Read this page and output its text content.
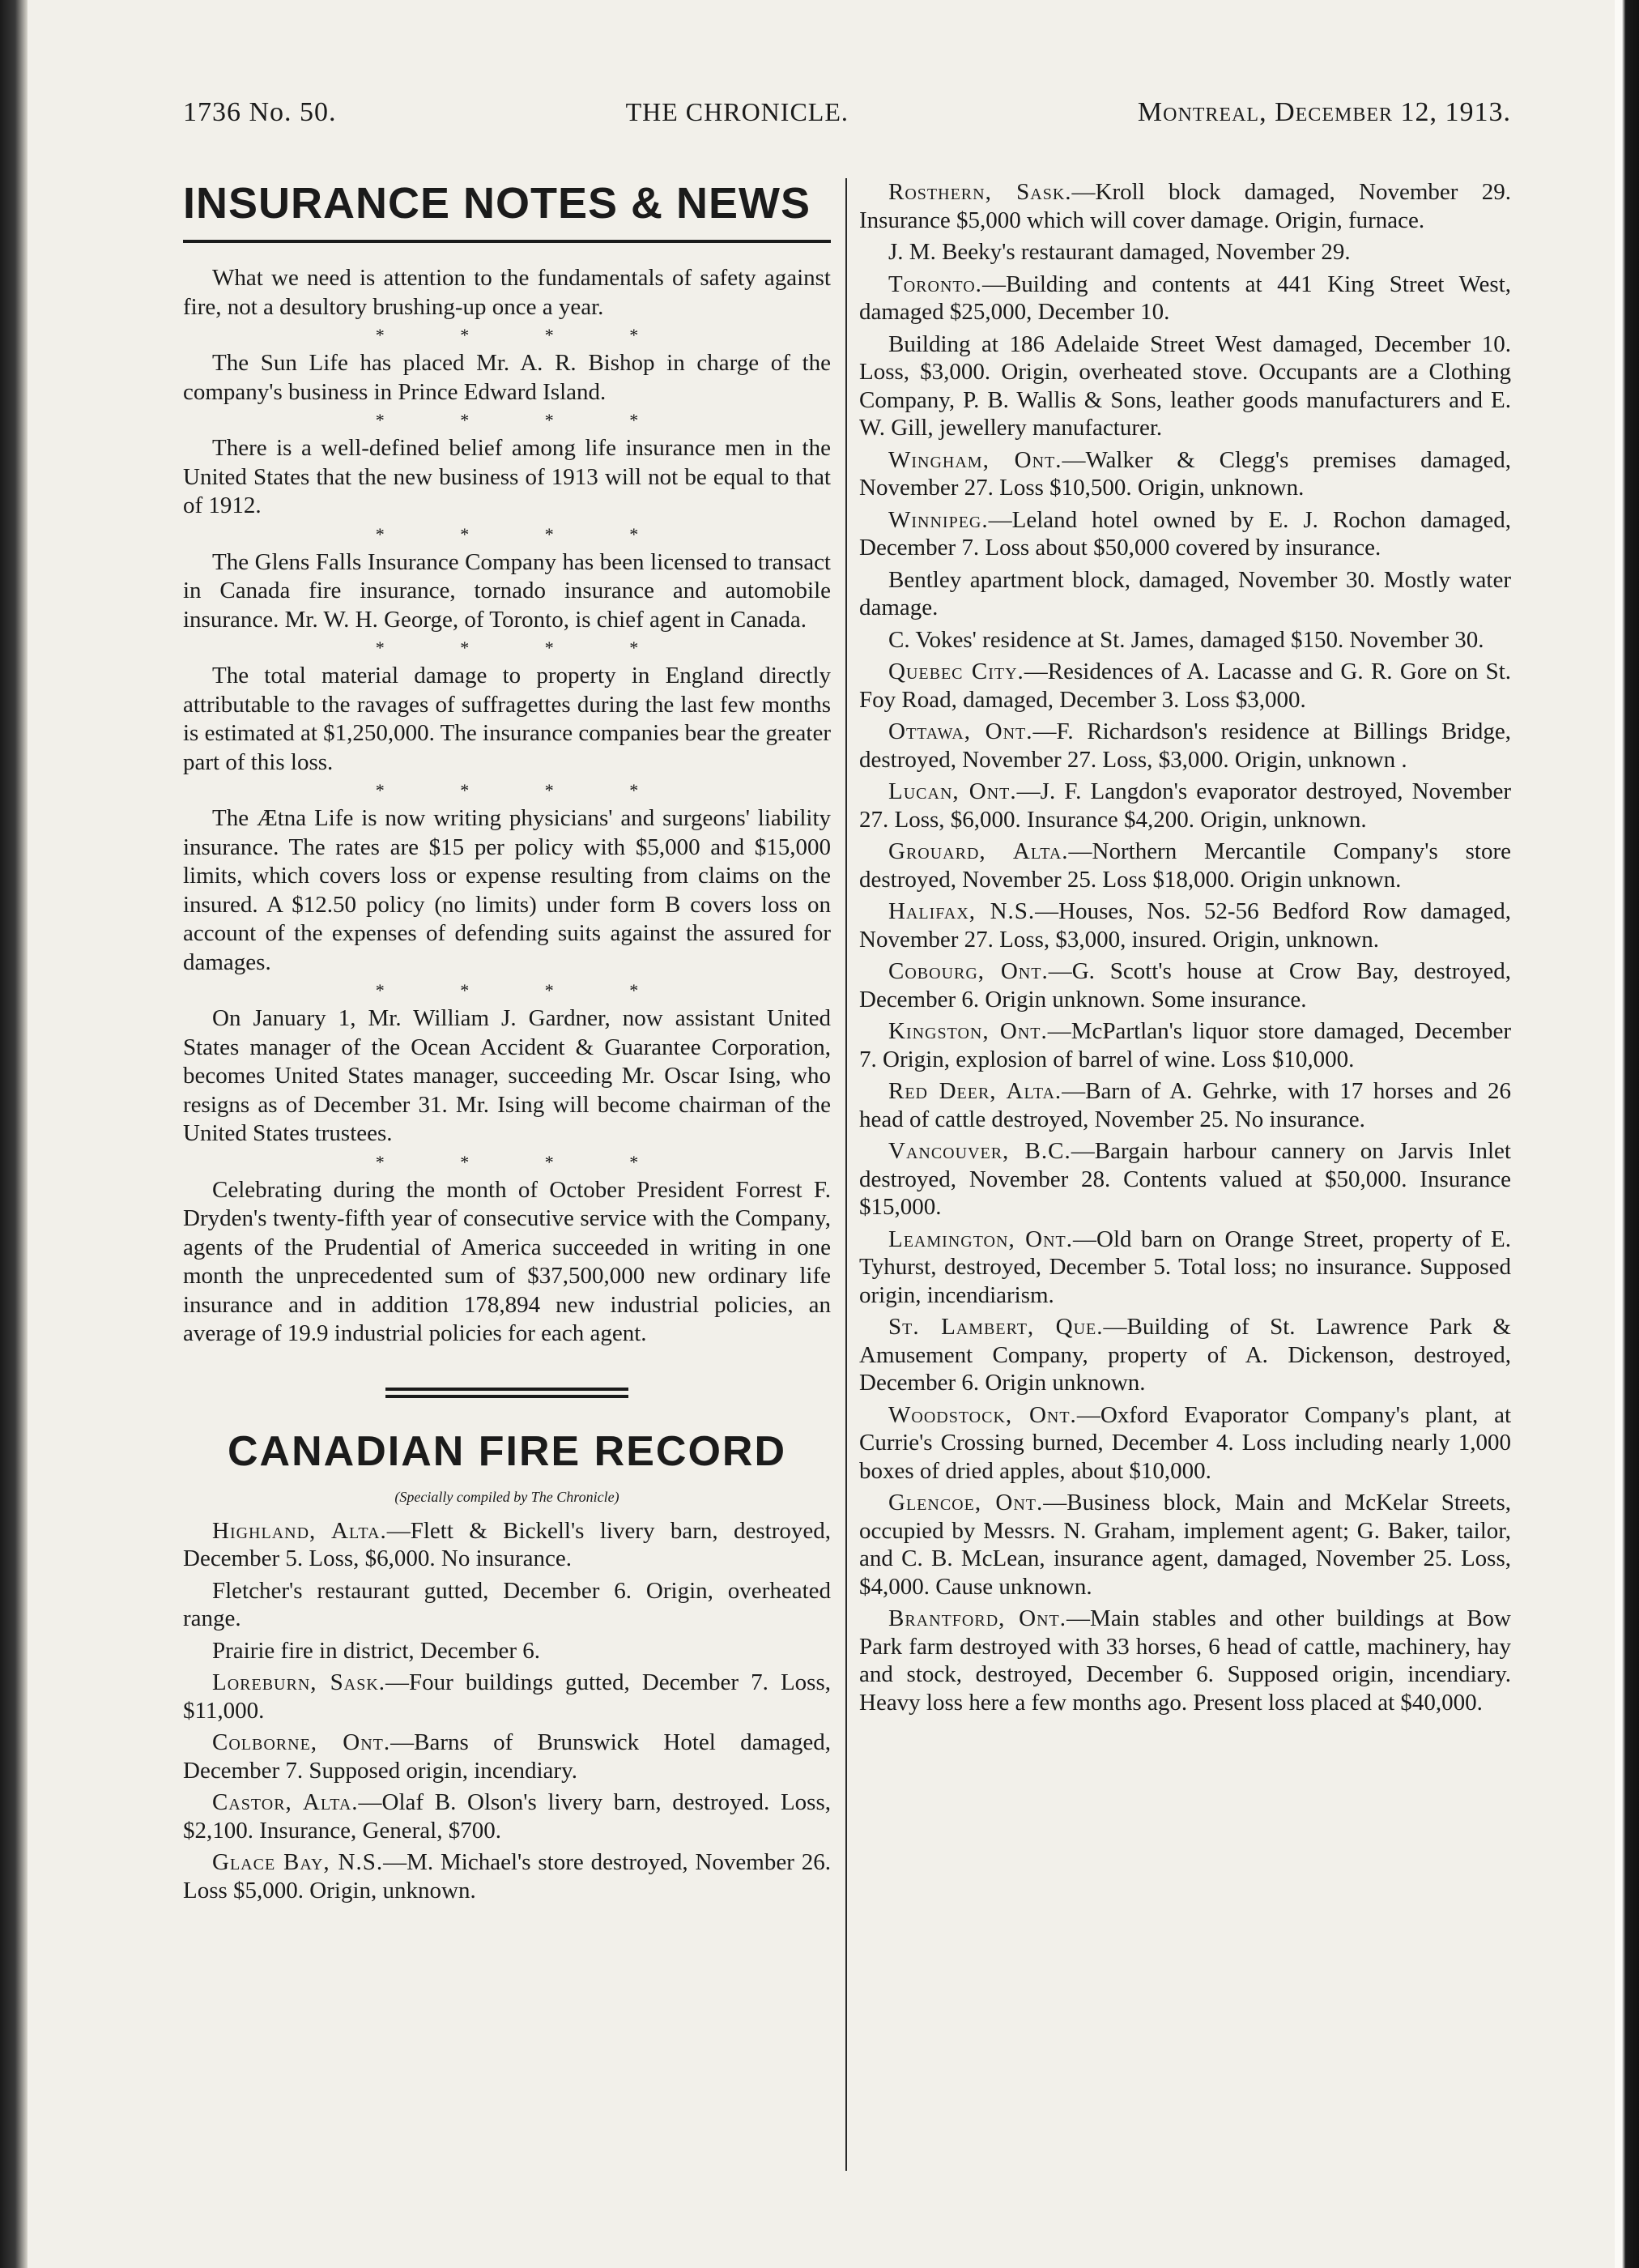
1736 No. 50.	THE CHRONICLE.	Montreal, December 12, 1913.
INSURANCE NOTES & NEWS

What we need is attention to the fundamentals of safety against fire, not a desultory brushing-up once a year.

* * * *

The Sun Life has placed Mr. A. R. Bishop in charge of the company's business in Prince Edward Island.

* * * *

There is a well-defined belief among life insurance men in the United States that the new business of 1913 will not be equal to that of 1912.

* * * *

The Glens Falls Insurance Company has been licensed to transact in Canada fire insurance, tornado insurance and automobile insurance. Mr. W. H. George, of Toronto, is chief agent in Canada.

* * * *

The total material damage to property in England directly attributable to the ravages of suffragettes during the last few months is estimated at $1,250,000. The insurance companies bear the greater part of this loss.

* * * *

The Ætna Life is now writing physicians' and surgeons' liability insurance. The rates are $15 per policy with $5,000 and $15,000 limits, which covers loss or expense resulting from claims on the insured. A $12.50 policy (no limits) under form B covers loss on account of the expenses of defending suits against the assured for damages.

* * * *

On January 1, Mr. William J. Gardner, now assistant United States manager of the Ocean Accident & Guarantee Corporation, becomes United States manager, succeeding Mr. Oscar Ising, who resigns as of December 31. Mr. Ising will become chairman of the United States trustees.

* * * *

Celebrating during the month of October President Forrest F. Dryden's twenty-fifth year of consecutive service with the Company, agents of the Prudential of America succeeded in writing in one month the unprecedented sum of $37,500,000 new ordinary life insurance and in addition 178,894 new industrial policies, an average of 19.9 industrial policies for each agent.

CANADIAN FIRE RECORD
(Specially compiled by The Chronicle)

Highland, Alta.—Flett & Bickell's livery barn, destroyed, December 5. Loss, $6,000. No insurance.

Fletcher's restaurant gutted, December 6. Origin, overheated range.

Prairie fire in district, December 6.

Loreburn, Sask.—Four buildings gutted, December 7. Loss, $11,000.

Colborne, Ont.—Barns of Brunswick Hotel damaged, December 7. Supposed origin, incendiary.

Castor, Alta.—Olaf B. Olson's livery barn, destroyed. Loss, $2,100. Insurance, General, $700.

Glace Bay, N.S.—M. Michael's store destroyed, November 26. Loss $5,000. Origin, unknown.

Rosthern, Sask.—Kroll block damaged, November 29. Insurance $5,000 which will cover damage. Origin, furnace.

J. M. Beeky's restaurant damaged, November 29.

Toronto.—Building and contents at 441 King Street West, damaged $25,000, December 10.

Building at 186 Adelaide Street West damaged, December 10. Loss, $3,000. Origin, overheated stove. Occupants are a Clothing Company, P. B. Wallis & Sons, leather goods manufacturers and E. W. Gill, jewellery manufacturer.

Wingham, Ont.—Walker & Clegg's premises damaged, November 27. Loss $10,500. Origin, unknown.

Winnipeg.—Leland hotel owned by E. J. Rochon damaged, December 7. Loss about $50,000 covered by insurance.

Bentley apartment block, damaged, November 30. Mostly water damage.

C. Vokes' residence at St. James, damaged $150. November 30.

Quebec City.—Residences of A. Lacasse and G. R. Gore on St. Foy Road, damaged, December 3. Loss $3,000.

Ottawa, Ont.—F. Richardson's residence at Billings Bridge, destroyed, November 27. Loss, $3,000. Origin, unknown .

Lucan, Ont.—J. F. Langdon's evaporator destroyed, November 27. Loss, $6,000. Insurance $4,200. Origin, unknown.

Grouard, Alta.—Northern Mercantile Company's store destroyed, November 25. Loss $18,000. Origin unknown.

Halifax, N.S.—Houses, Nos. 52-56 Bedford Row damaged, November 27. Loss, $3,000, insured. Origin, unknown.

Cobourg, Ont.—G. Scott's house at Crow Bay, destroyed, December 6. Origin unknown. Some insurance.

Kingston, Ont.—McPartlan's liquor store damaged, December 7. Origin, explosion of barrel of wine. Loss $10,000.

Red Deer, Alta.—Barn of A. Gehrke, with 17 horses and 26 head of cattle destroyed, November 25. No insurance.

Vancouver, B.C.—Bargain harbour cannery on Jarvis Inlet destroyed, November 28. Contents valued at $50,000. Insurance $15,000.

Leamington, Ont.—Old barn on Orange Street, property of E. Tyhurst, destroyed, December 5. Total loss; no insurance. Supposed origin, incendiarism.

St. Lambert, Que.—Building of St. Lawrence Park & Amusement Company, property of A. Dickenson, destroyed, December 6. Origin unknown.

Woodstock, Ont.—Oxford Evaporator Company's plant, at Currie's Crossing burned, December 4. Loss including nearly 1,000 boxes of dried apples, about $10,000.

Glencoe, Ont.—Business block, Main and McKelar Streets, occupied by Messrs. N. Graham, implement agent; G. Baker, tailor, and C. B. McLean, insurance agent, damaged, November 25. Loss, $4,000. Cause unknown.

Brantford, Ont.—Main stables and other buildings at Bow Park farm destroyed with 33 horses, 6 head of cattle, machinery, hay and stock, destroyed, December 6. Supposed origin, incendiary. Heavy loss here a few months ago. Present loss placed at $40,000.
